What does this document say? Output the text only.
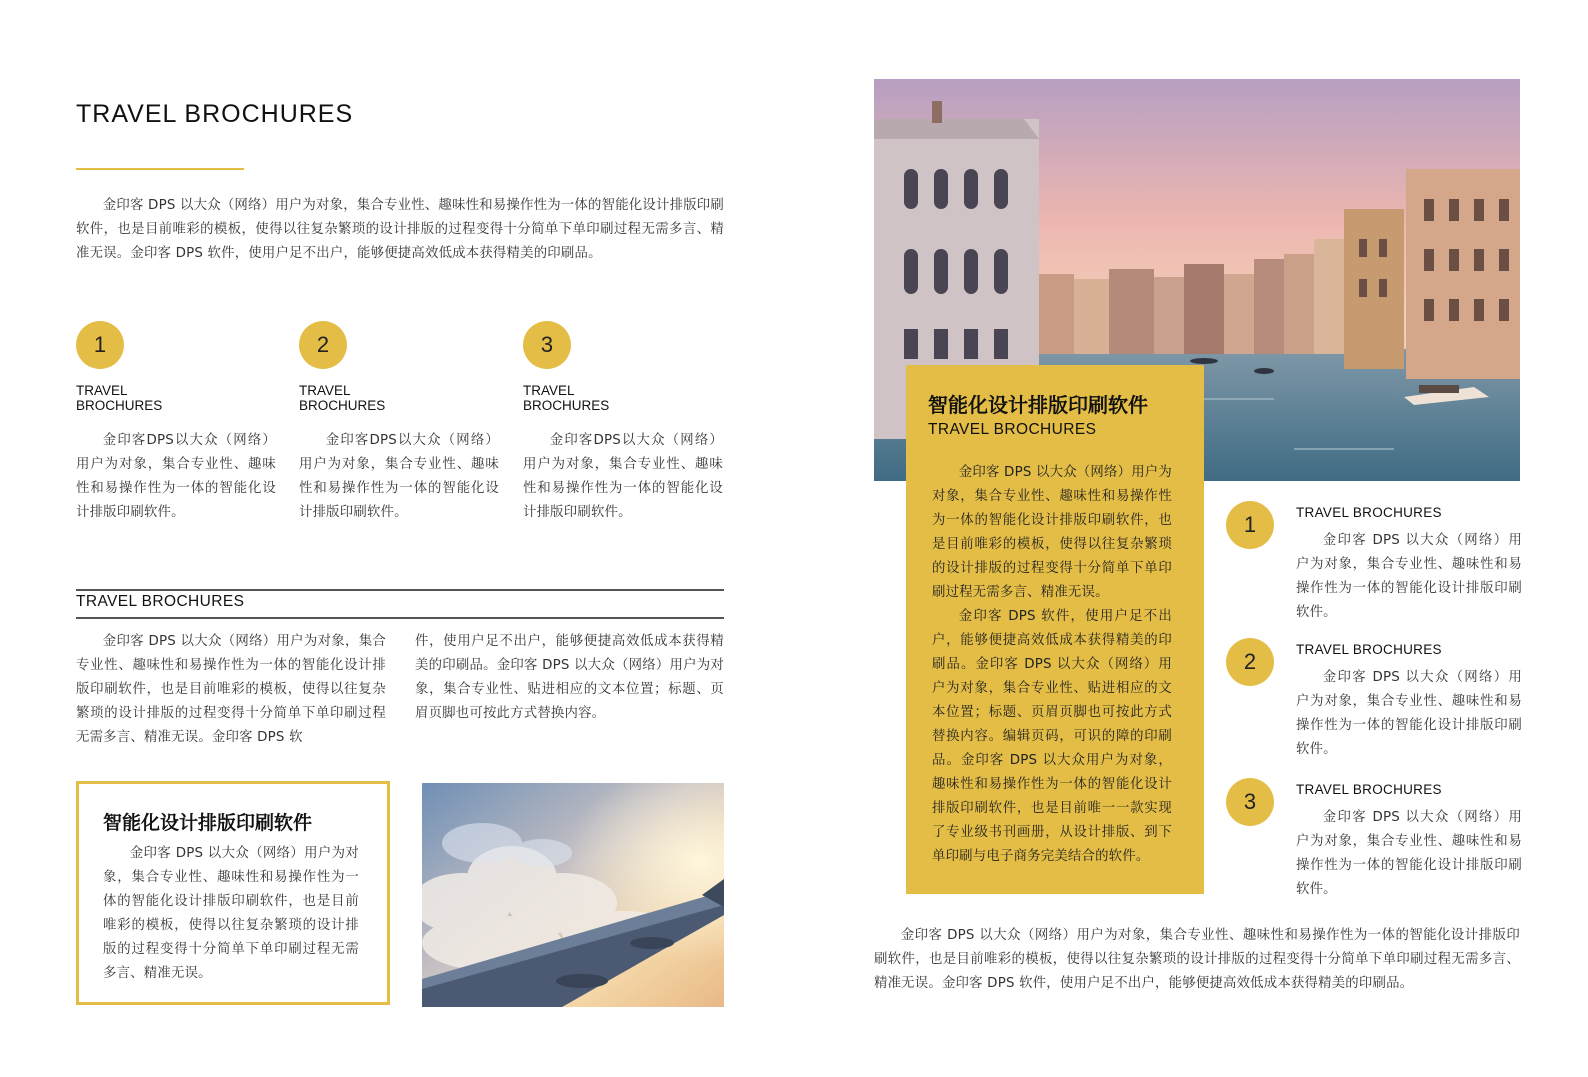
TRAVEL BROCHURES
金印客 DPS 以大众（网络）用户为对象，集合专业性、趣味性和易操作性为一体的智能化设计排版印刷软件，也是目前唯彩的模板，使得以往复杂繁琐的设计排版的过程变得十分简单下单印刷过程无需多言、精准无误。金印客 DPS 软件，使用户足不出户，能够便捷高效低成本获得精美的印刷品。
1
TRAVEL
BROCHURES
金印客DPS以大众（网络）用户为对象，集合专业性、趣味性和易操作性为一体的智能化设计排版印刷软件。
2
TRAVEL
BROCHURES
金印客DPS以大众（网络）用户为对象，集合专业性、趣味性和易操作性为一体的智能化设计排版印刷软件。
3
TRAVEL
BROCHURES
金印客DPS以大众（网络）用户为对象，集合专业性、趣味性和易操作性为一体的智能化设计排版印刷软件。
TRAVEL BROCHURES
金印客 DPS 以大众（网络）用户为对象，集合专业性、趣味性和易操作性为一体的智能化设计排版印刷软件，也是目前唯彩的模板，使得以往复杂繁琐的设计排版的过程变得十分简单下单印刷过程无需多言、精准无误。金印客 DPS 软
件，使用户足不出户，能够便捷高效低成本获得精美的印刷品。金印客 DPS 以大众（网络）用户为对象，集合专业性、贴进相应的文本位置；标题、页眉页脚也可按此方式替换内容。
智能化设计排版印刷软件
金印客 DPS 以大众（网络）用户为对象，集合专业性、趣味性和易操作性为一体的智能化设计排版印刷软件，也是目前唯彩的模板，使得以往复杂繁琐的设计排版的过程变得十分简单下单印刷过程无需多言、精准无误。
智能化设计排版印刷软件
TRAVEL BROCHURES
金印客 DPS 以大众（网络）用户为对象，集合专业性、趣味性和易操作性为一体的智能化设计排版印刷软件，也是目前唯彩的模板，使得以往复杂繁琐的设计排版的过程变得十分简单下单印刷过程无需多言、精准无误。
金印客 DPS 软件，使用户足不出户，能够便捷高效低成本获得精美的印刷品。金印客 DPS 以大众（网络）用户为对象，集合专业性、贴进相应的文本位置；标题、页眉页脚也可按此方式替换内容。编辑页码，可识的障的印刷品。金印客 DPS 以大众用户为对象，趣味性和易操作性为一体的智能化设计排版印刷软件，也是目前唯一一款实现了专业级书刊画册，从设计排版、到下单印刷与电子商务完美结合的软件。
1	TRAVEL BROCHURES
金印客 DPS 以大众（网络）用户为对象，集合专业性、趣味性和易操作性为一体的智能化设计排版印刷软件。
2	TRAVEL BROCHURES
金印客 DPS 以大众（网络）用户为对象，集合专业性、趣味性和易操作性为一体的智能化设计排版印刷软件。
3	TRAVEL BROCHURES
金印客 DPS 以大众（网络）用户为对象，集合专业性、趣味性和易操作性为一体的智能化设计排版印刷软件。
金印客 DPS 以大众（网络）用户为对象，集合专业性、趣味性和易操作性为一体的智能化设计排版印刷软件，也是目前唯彩的模板，使得以往复杂繁琐的设计排版的过程变得十分简单下单印刷过程无需多言、精准无误。金印客 DPS 软件，使用户足不出户，能够便捷高效低成本获得精美的印刷品。
